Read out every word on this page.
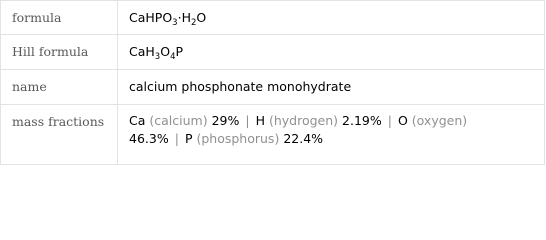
formula	$CaHPO_3\cdot H_2O$
Hill formula	$CaH_3O_4P$
name	calcium phosphonate monohydrate
mass fractions	Ca (calcium) 29% | H (hydrogen) 2.19% | O (oxygen)
46.3% | P (phosphorus) 22.4%
